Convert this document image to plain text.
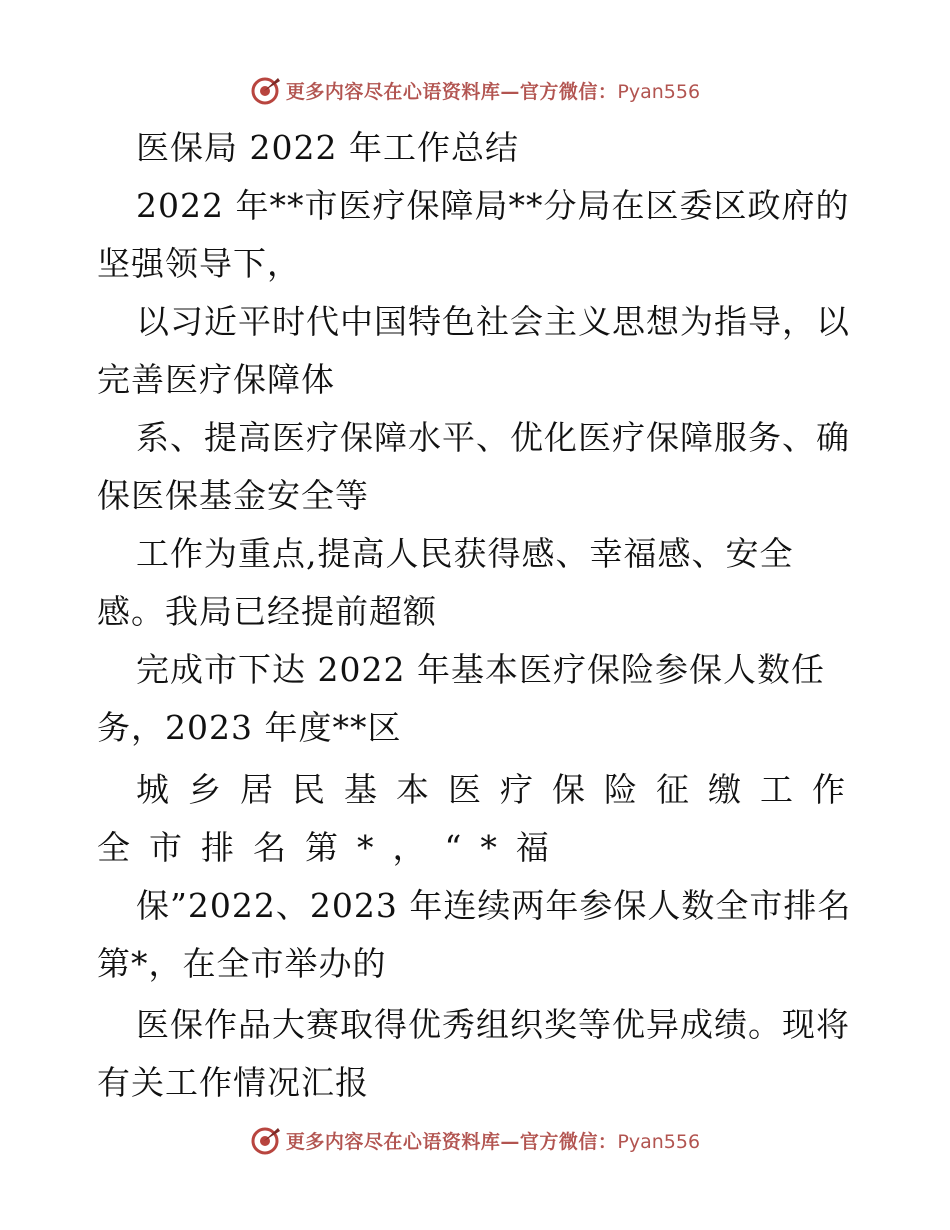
更多内容尽在心语资料库—官方微信：Pyan556
医保局 2022 年工作总结
2022 年**市医疗保障局**分局在区委区政府的
坚强领导下，
以习近平时代中国特色社会主义思想为指导，以
完善医疗保障体
系、提高医疗保障水平、优化医疗保障服务、确
保医保基金安全等
工作为重点,提高人民获得感、幸福感、安全
感。我局已经提前超额
完成市下达 2022 年基本医疗保险参保人数任
务，2023 年度**区
城乡居民基本医疗保险征缴工作
全市排名第*，“*福
保”2022、2023 年连续两年参保人数全市排名
第*，在全市举办的
医保作品大赛取得优秀组织奖等优异成绩。现将
有关工作情况汇报
更多内容尽在心语资料库—官方微信：Pyan556
